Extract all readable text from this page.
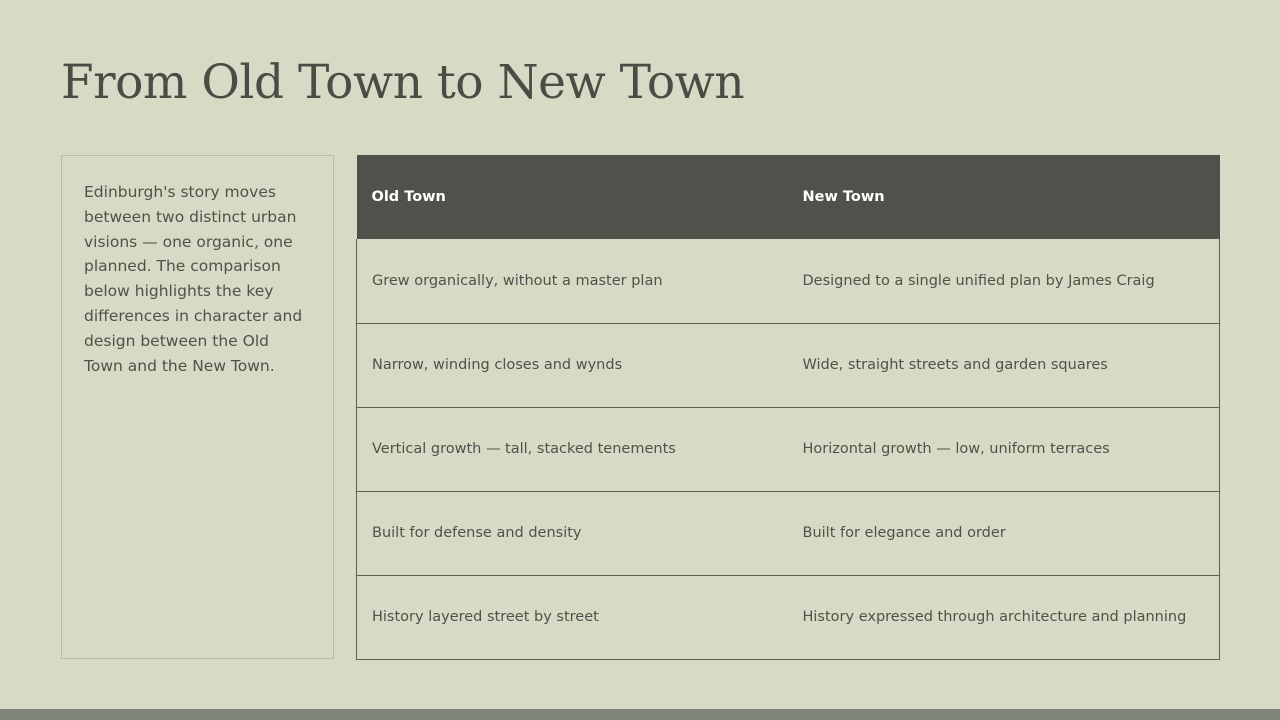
From Old Town to New Town

Edinburgh's story moves between two distinct urban visions — one organic, one planned. The comparison below highlights the key differences in character and design between the Old Town and the New Town.

Old Town	New Town
Grew organically, without a master plan	Designed to a single unified plan by James Craig
Narrow, winding closes and wynds	Wide, straight streets and garden squares
Vertical growth — tall, stacked tenements	Horizontal growth — low, uniform terraces
Built for defense and density	Built for elegance and order
History layered street by street	History expressed through architecture and planning
